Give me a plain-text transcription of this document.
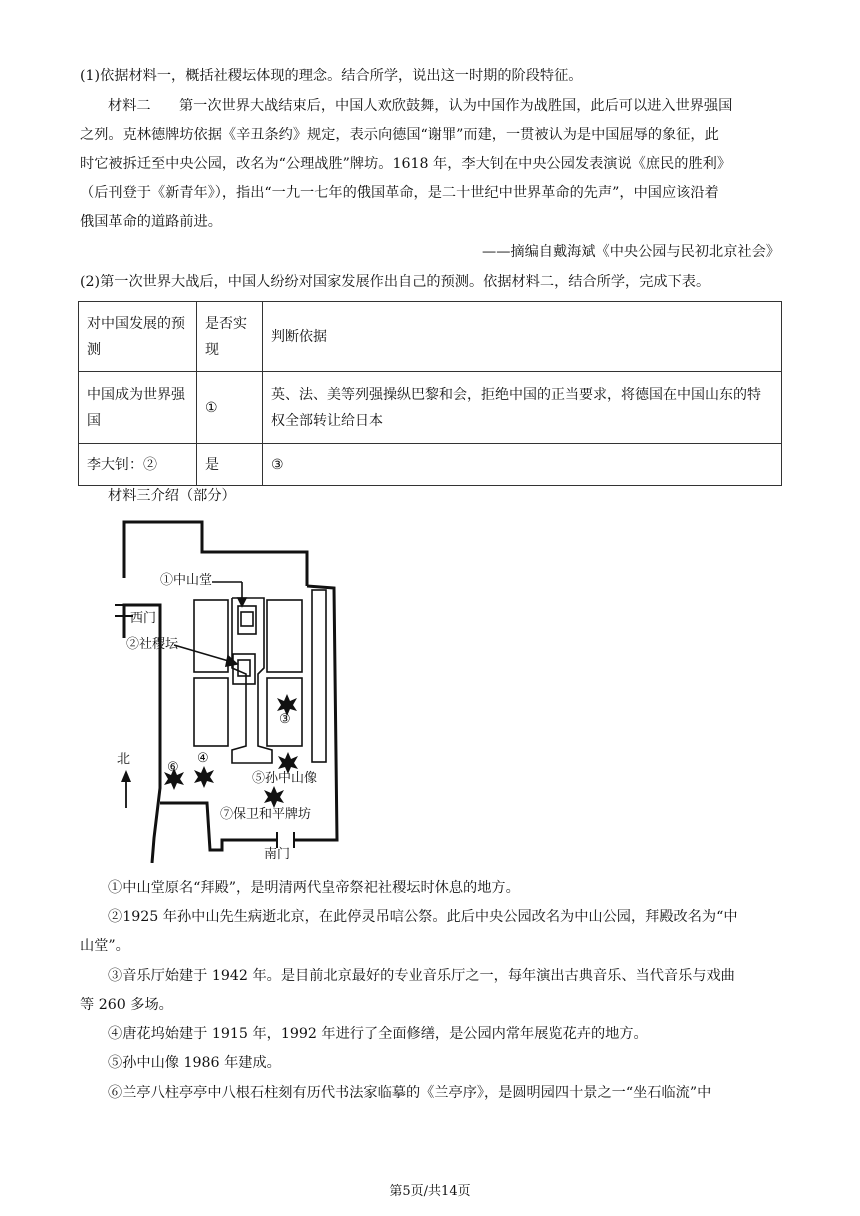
(1)依据材料一，概括社稷坛体现的理念。结合所学，说出这一时期的阶段特征。
材料二　　第一次世界大战结束后，中国人欢欣鼓舞，认为中国作为战胜国，此后可以进入世界强国
之列。克林德牌坊依据《辛丑条约》规定，表示向德国“谢罪”而建，一贯被认为是中国屈辱的象征，此
时它被拆迁至中央公园，改名为“公理战胜”牌坊。1618 年，李大钊在中央公园发表演说《庶民的胜利》
（后刊登于《新青年》），指出“一九一七年的俄国革命，是二十世纪中世界革命的先声”，中国应该沿着
俄国革命的道路前进。
——摘编自戴海斌《中央公园与民初北京社会》
(2)第一次世界大战后，中国人纷纷对国家发展作出自己的预测。依据材料二，结合所学，完成下表。
对中国发展的预测	是否实现	判断依据
中国成为世界强国	①	英、法、美等列强操纵巴黎和会，拒绝中国的正当要求，将德国在中国山东的特权全部转让给日本
李大钊：②	是	③
材料三介绍（部分）
①中山堂
②社稷坛
西门
③
④
⑥
⑤孙中山像
⑦保卫和平牌坊
南门
北
①中山堂原名“拜殿”，是明清两代皇帝祭祀社稷坛时休息的地方。
②1925 年孙中山先生病逝北京，在此停灵吊唁公祭。此后中央公园改名为中山公园，拜殿改名为“中
山堂”。
③音乐厅始建于 1942 年。是目前北京最好的专业音乐厅之一，每年演出古典音乐、当代音乐与戏曲
等 260 多场。
④唐花坞始建于 1915 年，1992 年进行了全面修缮，是公园内常年展览花卉的地方。
⑤孙中山像 1986 年建成。
⑥兰亭八柱亭亭中八根石柱刻有历代书法家临摹的《兰亭序》，是圆明园四十景之一“坐石临流”中
第5页/共14页
